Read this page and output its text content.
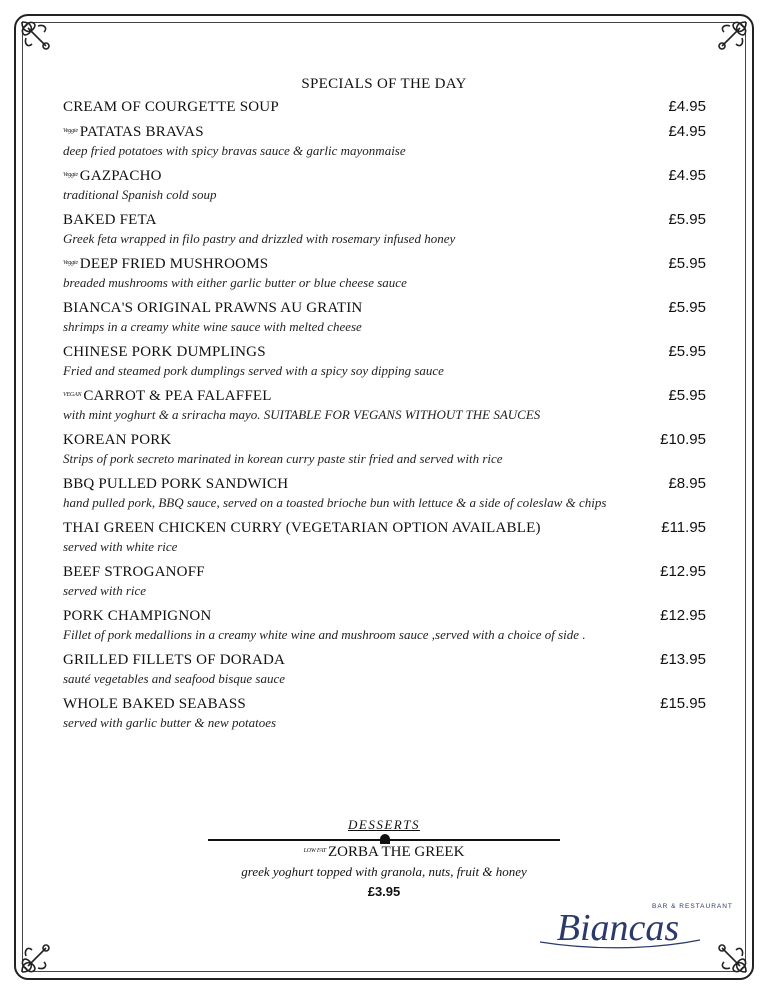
SPECIALS OF THE DAY
CREAM OF COURGETTE SOUP	£4.95
Veggie PATATAS BRAVAS	£4.95
deep fried potatoes with spicy bravas sauce & garlic mayonmaise
Veggie GAZPACHO	£4.95
traditional Spanish cold soup
BAKED FETA	£5.95
Greek feta wrapped in filo pastry and drizzled with rosemary infused honey
Veggie DEEP FRIED MUSHROOMS	£5.95
breaded mushrooms with either garlic butter or blue cheese sauce
BIANCA'S ORIGINAL PRAWNS AU GRATIN	£5.95
shrimps in a creamy white wine sauce with melted cheese
CHINESE PORK DUMPLINGS	£5.95
Fried and steamed pork dumplings served with a spicy soy dipping sauce
VEGAN CARROT & PEA FALAFFEL	£5.95
with mint yoghurt & a sriracha mayo. SUITABLE FOR VEGANS WITHOUT THE SAUCES
KOREAN PORK	£10.95
Strips of pork secreto marinated in korean curry paste stir fried and served with rice
BBQ PULLED PORK SANDWICH	£8.95
hand pulled pork, BBQ sauce, served on a toasted brioche bun with lettuce & a side of coleslaw & chips
THAI GREEN CHICKEN CURRY (VEGETARIAN OPTION AVAILABLE)	£11.95
served with white rice
BEEF STROGANOFF	£12.95
served with rice
PORK CHAMPIGNON	£12.95
Fillet of pork medallions in a creamy white wine and mushroom sauce ,served with a choice of side .
GRILLED FILLETS OF DORADA	£13.95
sauté vegetables and seafood bisque sauce
WHOLE BAKED SEABASS	£15.95
served with garlic butter & new potatoes
DESSERTS
LOW FAT ZORBA THE GREEK
greek yoghurt topped with granola, nuts, fruit & honey
£3.95
BAR & RESTAURANT
Biancas
